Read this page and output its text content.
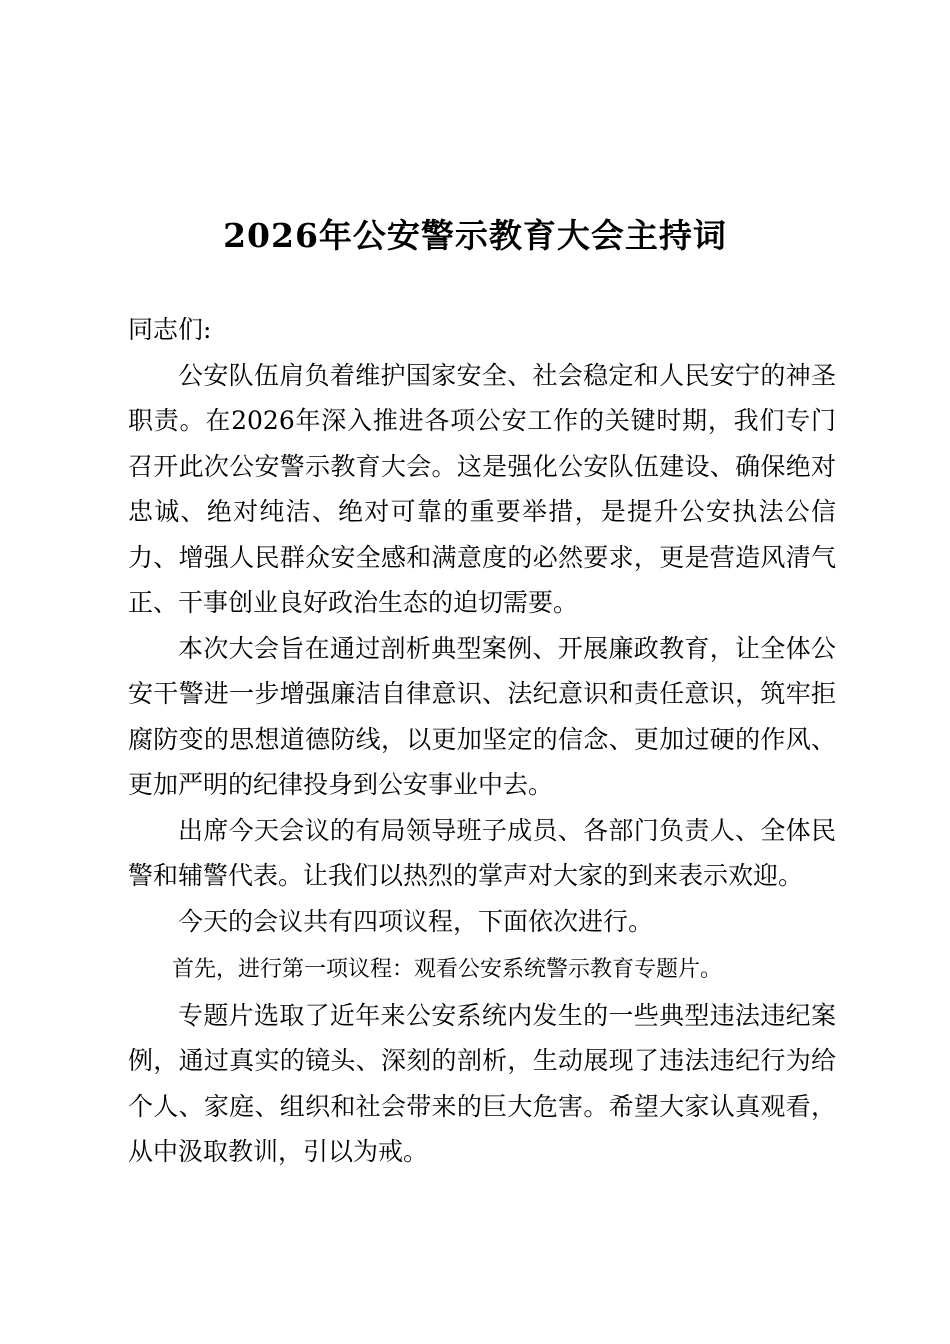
2026年公安警示教育大会主持词

同志们:

公安队伍肩负着维护国家安全、社会稳定和人民安宁的神圣职责。在2026年深入推进各项公安工作的关键时期，我们专门召开此次公安警示教育大会。这是强化公安队伍建设、确保绝对忠诚、绝对纯洁、绝对可靠的重要举措，是提升公安执法公信力、增强人民群众安全感和满意度的必然要求，更是营造风清气正、干事创业良好政治生态的迫切需要。

本次大会旨在通过剖析典型案例、开展廉政教育，让全体公安干警进一步增强廉洁自律意识、法纪意识和责任意识，筑牢拒腐防变的思想道德防线，以更加坚定的信念、更加过硬的作风、更加严明的纪律投身到公安事业中去。

出席今天会议的有局领导班子成员、各部门负责人、全体民警和辅警代表。让我们以热烈的掌声对大家的到来表示欢迎。

今天的会议共有四项议程，下面依次进行。

首先，进行第一项议程：观看公安系统警示教育专题片。

专题片选取了近年来公安系统内发生的一些典型违法违纪案例，通过真实的镜头、深刻的剖析，生动展现了违法违纪行为给个人、家庭、组织和社会带来的巨大危害。希望大家认真观看，从中汲取教训，引以为戒。
